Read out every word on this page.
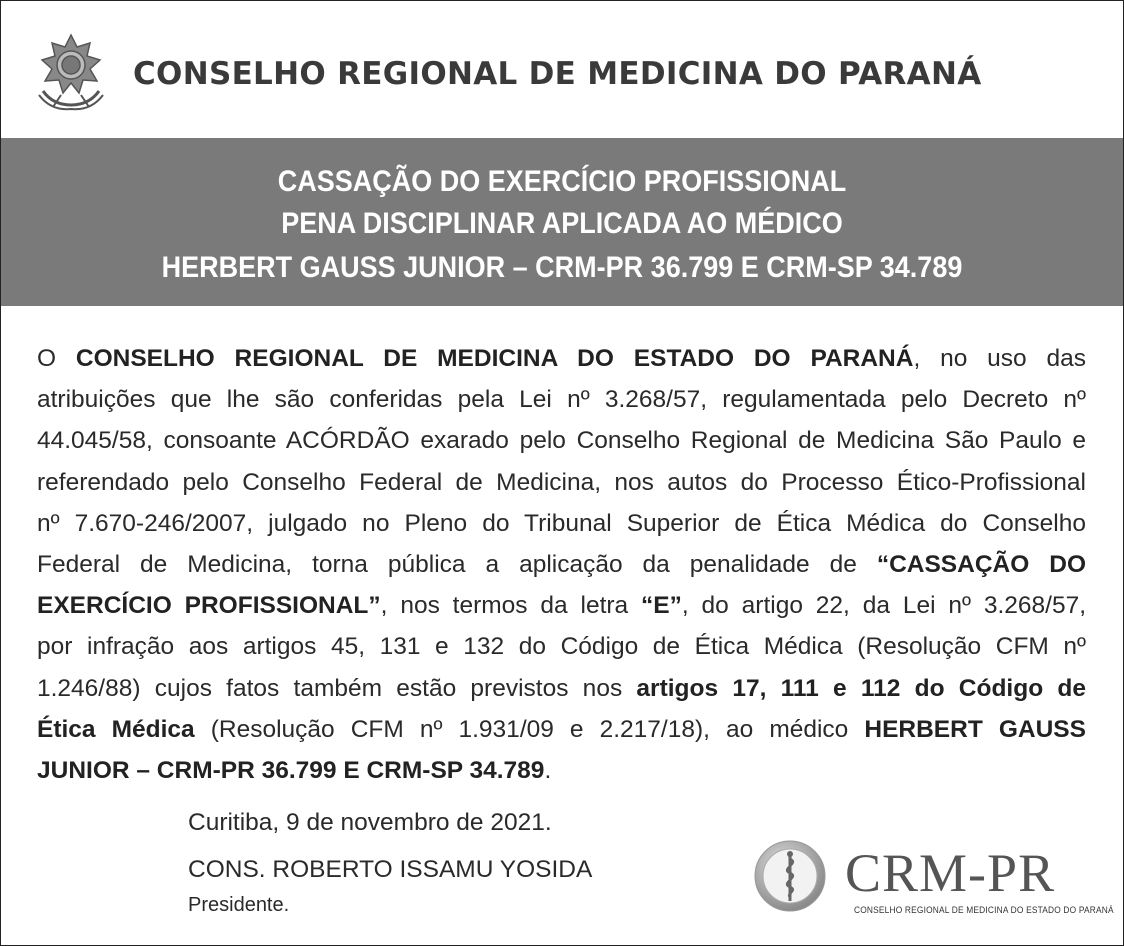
CONSELHO REGIONAL DE MEDICINA DO PARANÁ
CASSAÇÃO DO EXERCÍCIO PROFISSIONAL
PENA DISCIPLINAR APLICADA AO MÉDICO
HERBERT GAUSS JUNIOR – CRM-PR 36.799 E CRM-SP 34.789
O CONSELHO REGIONAL DE MEDICINA DO ESTADO DO PARANÁ, no uso das
atribuições que lhe são conferidas pela Lei nº 3.268/57, regulamentada pelo Decreto nº
44.045/58, consoante ACÓRDÃO exarado pelo Conselho Regional de Medicina São Paulo e
referendado pelo Conselho Federal de Medicina, nos autos do Processo Ético-Profissional
nº 7.670-246/2007, julgado no Pleno do Tribunal Superior de Ética Médica do Conselho
Federal de Medicina, torna pública a aplicação da penalidade de “CASSAÇÃO DO
EXERCÍCIO PROFISSIONAL”, nos termos da letra “E”, do artigo 22, da Lei nº 3.268/57,
por infração aos artigos 45, 131 e 132 do Código de Ética Médica (Resolução CFM nº
1.246/88) cujos fatos também estão previstos nos artigos 17, 111 e 112 do Código de
Ética Médica (Resolução CFM nº 1.931/09 e 2.217/18), ao médico HERBERT GAUSS
JUNIOR – CRM-PR 36.799 E CRM-SP 34.789.
Curitiba, 9 de novembro de 2021.
CONS. ROBERTO ISSAMU YOSIDA
Presidente.
CRM-PR
CONSELHO REGIONAL DE MEDICINA DO ESTADO DO PARANÁ
